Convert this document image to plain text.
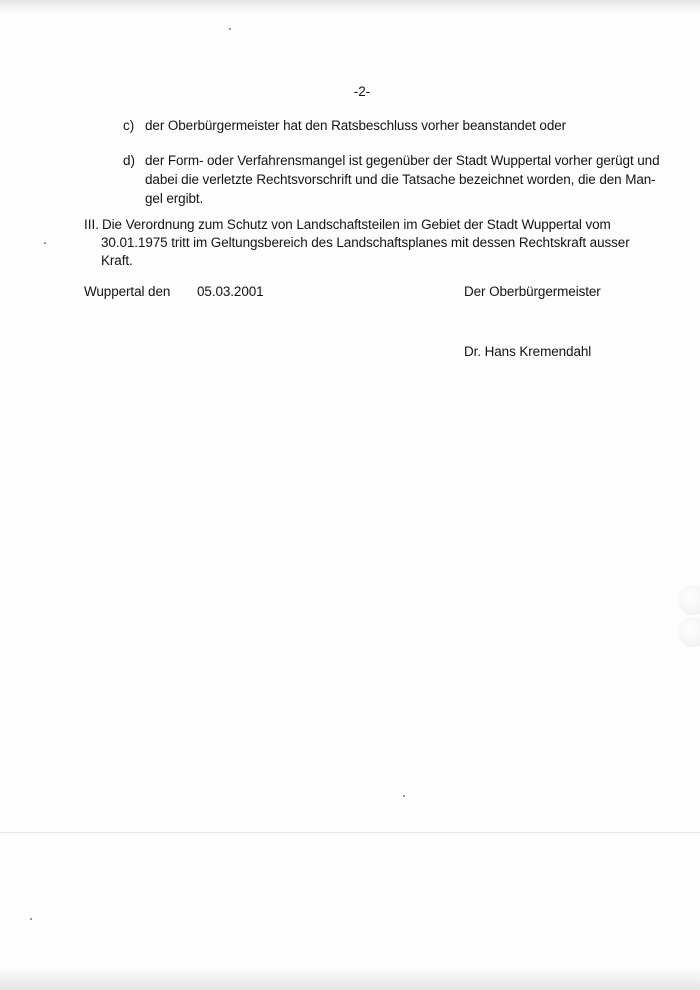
-2-
c) der Oberbürgermeister hat den Ratsbeschluss vorher beanstandet oder
d) der Form- oder Verfahrensmangel ist gegenüber der Stadt Wuppertal vorher gerügt und
dabei die verletzte Rechtsvorschrift und die Tatsache bezeichnet worden, die den Man-
gel ergibt.
III. Die Verordnung zum Schutz von Landschaftsteilen im Gebiet der Stadt Wuppertal vom
30.01.1975 tritt im Geltungsbereich des Landschaftsplanes mit dessen Rechtskraft ausser
Kraft.
Wuppertal den 05.03.2001	Der Oberbürgermeister
Dr. Hans Kremendahl
